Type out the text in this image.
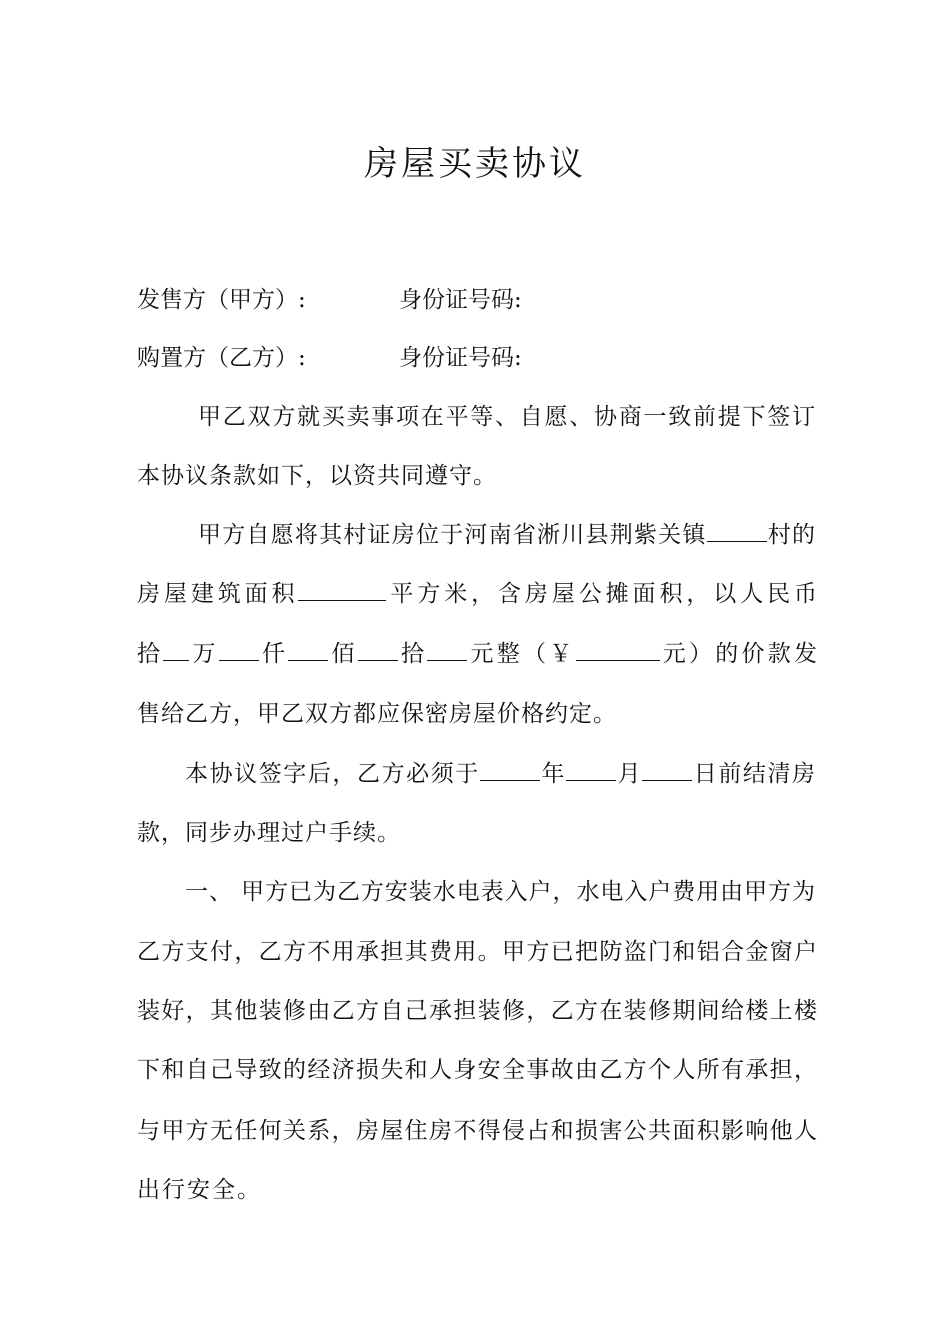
房屋买卖协议
发售方（甲方）:	身份证号码:
购置方（乙方）:	身份证号码:
甲乙双方就买卖事项在平等、自愿、协商一致前提下签订
本协议条款如下，以资共同遵守。
甲方自愿将其村证房位于河南省淅川县荆紫关镇	村的
房屋建筑面积	平方米，含房屋公摊面积，以人民币
拾 万 仟 佰 拾 元整（￥	元）的价款发
售给乙方，甲乙双方都应保密房屋价格约定。
本协议签字后，乙方必须于	年 月 日前结清房
款，同步办理过户手续。
一、 甲方已为乙方安装水电表入户，水电入户费用由甲方为
乙方支付，乙方不用承担其费用。甲方已把防盗门和铝合金窗户
装好，其他装修由乙方自己承担装修，乙方在装修期间给楼上楼
下和自己导致的经济损失和人身安全事故由乙方个人所有承担，
与甲方无任何关系，房屋住房不得侵占和损害公共面积影响他人
出行安全。
